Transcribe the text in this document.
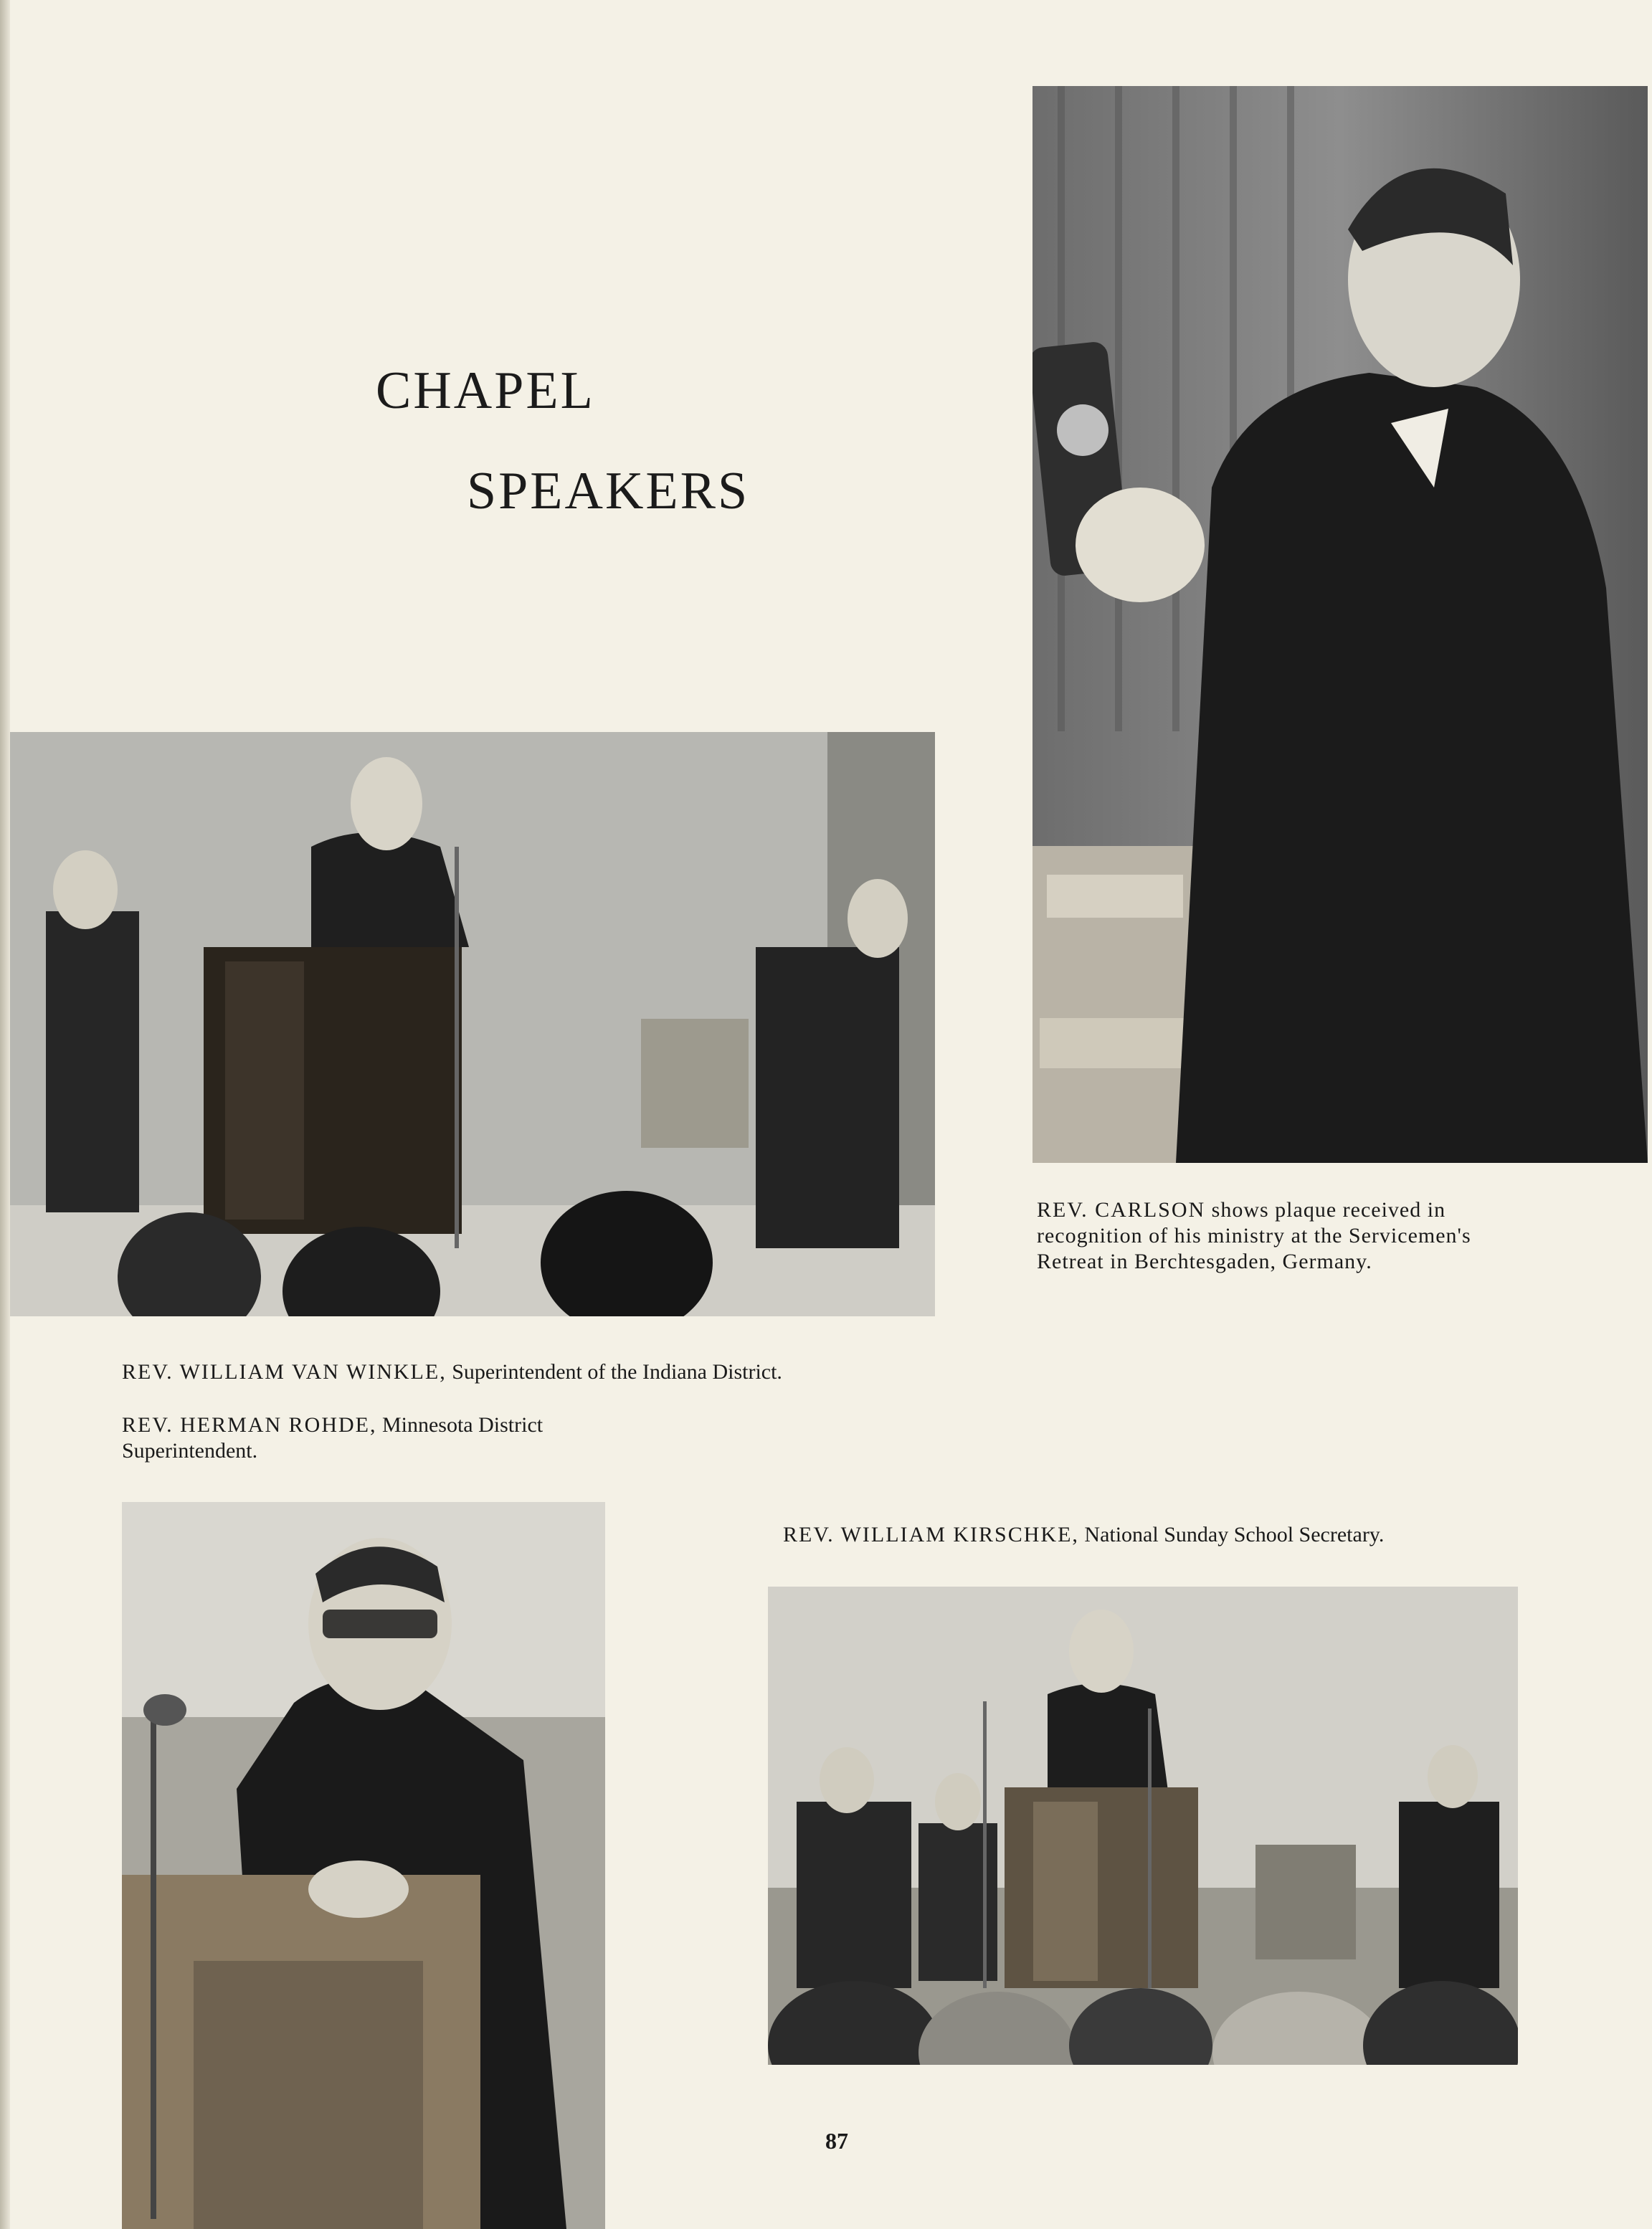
CHAPEL
SPEAKERS
REV. CARLSON shows plaque received in recognition of his ministry at the Servicemen's Retreat in Berchtesgaden, Germany.
REV. WILLIAM VAN WINKLE, Superintendent of the Indiana District.
REV. HERMAN ROHDE, Minnesota District Superintendent.
REV. WILLIAM KIRSCHKE, National Sunday School Secretary.
87
